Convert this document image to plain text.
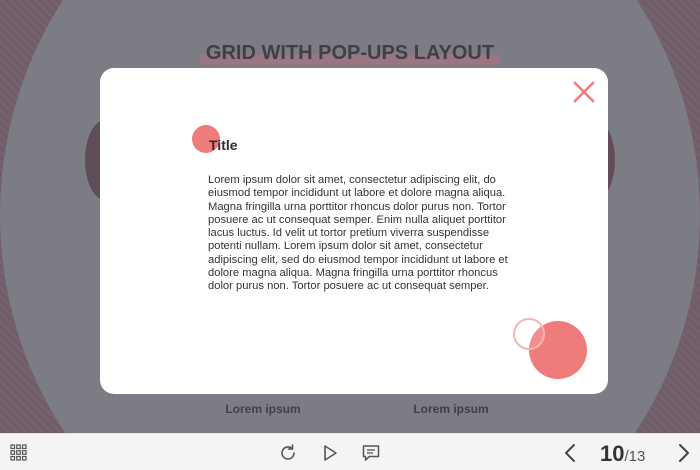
GRID WITH POP-UPS LAYOUT
Lorem ipsum	Lorem ipsum
Title
Lorem ipsum dolor sit amet, consectetur adipiscing elit, do eiusmod tempor incididunt ut labore et dolore magna aliqua. Magna fringilla urna porttitor rhoncus dolor purus non. Tortor posuere ac ut consequat semper. Enim nulla aliquet porttitor lacus luctus. Id velit ut tortor pretium viverra suspendisse potenti nullam. Lorem ipsum dolor sit amet, consectetur adipiscing elit, sed do eiusmod tempor incididunt ut labore et dolore magna aliqua. Magna fringilla urna porttitor rhoncus dolor purus non. Tortor posuere ac ut consequat semper.
10/13
